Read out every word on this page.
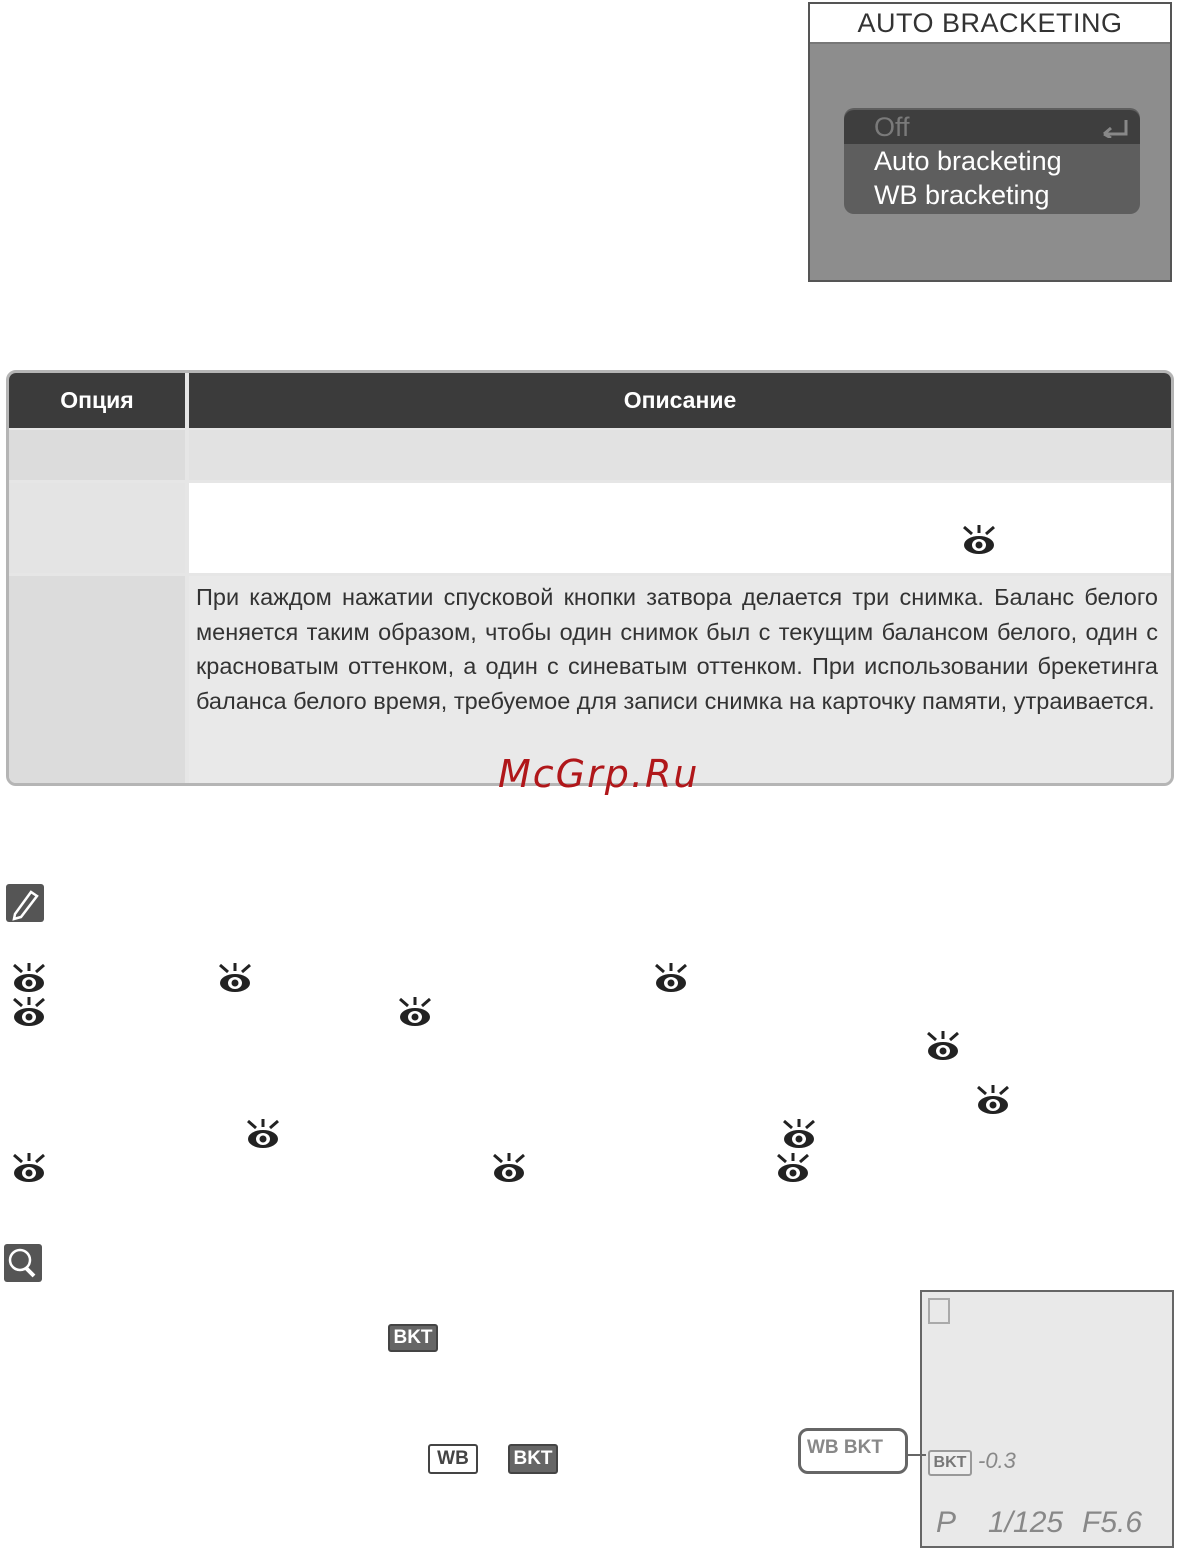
AUTO BRACKETING
Off
Auto bracketing
WB bracketing
Опция	Описание
При каждом нажатии спусковой кнопки затвора делается три снимка. Баланс белого меняется таким образом, чтобы один снимок был с текущим балансом белого, один с красноватым оттенком, а один с синеватым оттенком. При использовании брекетинга баланса белого время, требуемое для записи снимка на карточку памяти, утраивается.
McGrp.Ru
BKT
WB	BKT	BKT -0.3
P 1/125 F5.6
WB BKT
